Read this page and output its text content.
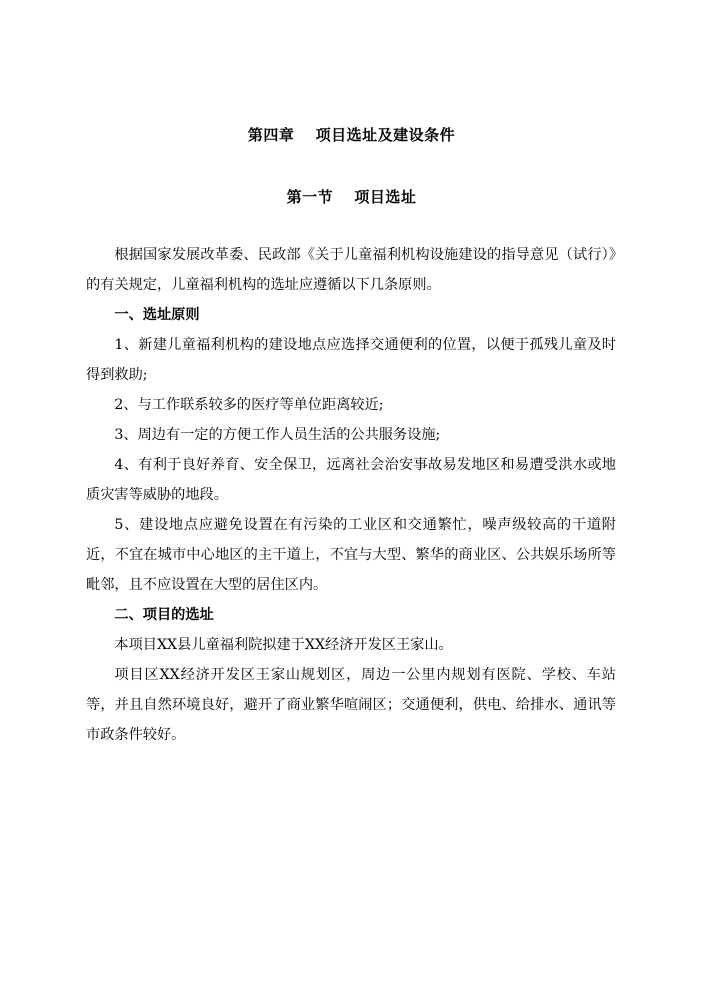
第四章　 项目选址及建设条件
第一节　 项目选址

根据国家发展改革委、民政部《关于儿童福利机构设施建设的指导意见（试行）》的有关规定，儿童福利机构的选址应遵循以下几条原则。

一、选址原则

1、新建儿童福利机构的建设地点应选择交通便利的位置，以便于孤残儿童及时得到救助;

2、与工作联系较多的医疗等单位距离较近;

3、周边有一定的方便工作人员生活的公共服务设施;

4、有利于良好养育、安全保卫，远离社会治安事故易发地区和易遭受洪水或地质灾害等威胁的地段。

5、建设地点应避免设置在有污染的工业区和交通繁忙，噪声级较高的干道附近，不宜在城市中心地区的主干道上，不宜与大型、繁华的商业区、公共娱乐场所等毗邻，且不应设置在大型的居住区内。

二、项目的选址

本项目XX县儿童福利院拟建于XX经济开发区王家山。

项目区XX经济开发区王家山规划区，周边一公里内规划有医院、学校、车站等，并且自然环境良好，避开了商业繁华喧闹区；交通便利，供电、给排水、通讯等市政条件较好。
